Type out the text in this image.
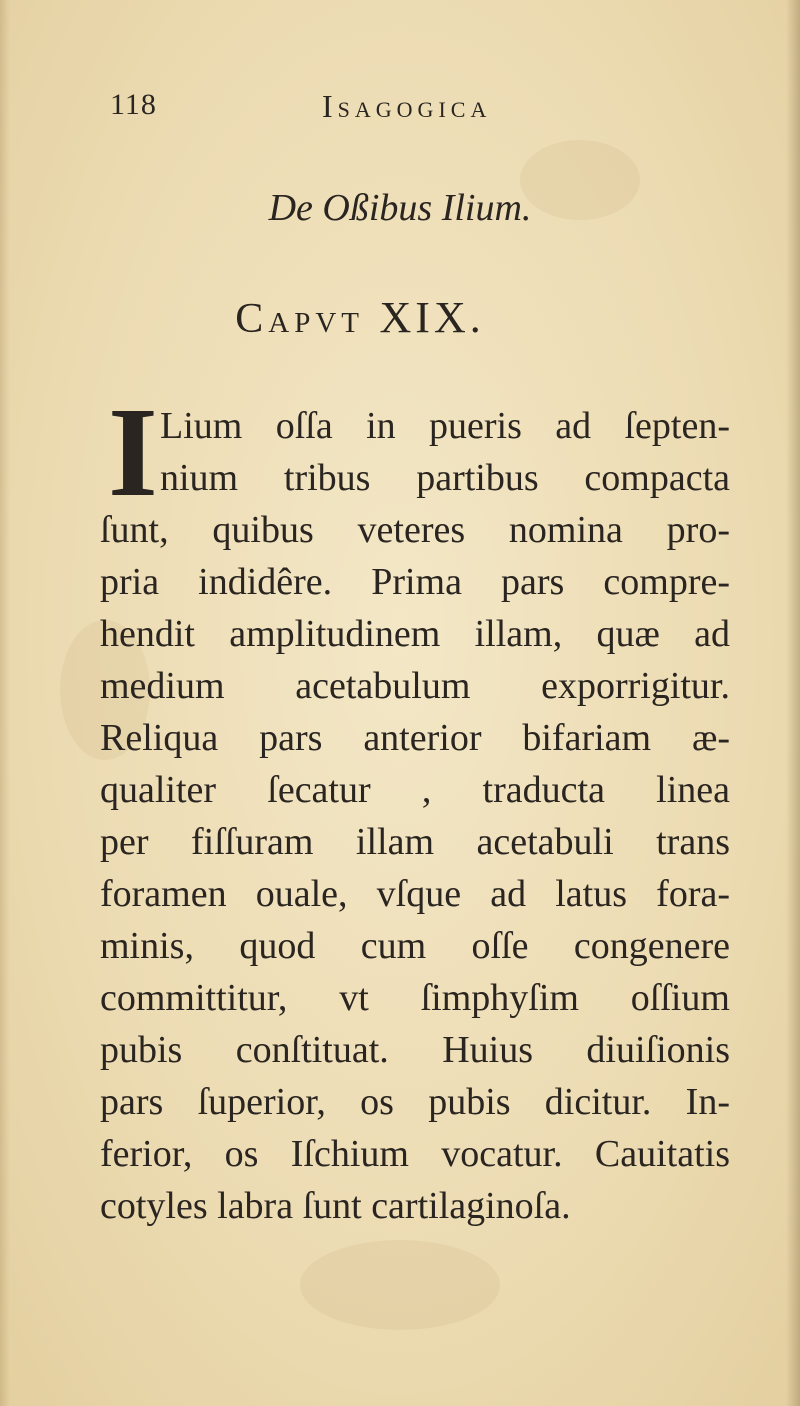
118	Isagogica
De Oßibus Ilium.
Capvt XIX.
I Lium oſſa in pueris ad ſepten-
nium tribus partibus compacta
ſunt, quibus veteres nomina pro-
pria indidêre. Prima pars compre-
hendit amplitudinem illam, quæ ad
medium acetabulum exporrigitur.
Reliqua pars anterior bifariam æ-
qualiter ſecatur , traducta linea
per fiſſuram illam acetabuli trans
foramen ouale, vſque ad latus fora-
minis, quod cum oſſe congenere
committitur, vt ſimphyſim oſſium
pubis conſtituat. Huius diuiſionis
pars ſuperior, os pubis dicitur. In-
ferior, os Iſchium vocatur. Cauitatis
cotyles labra ſunt cartilaginoſa.
